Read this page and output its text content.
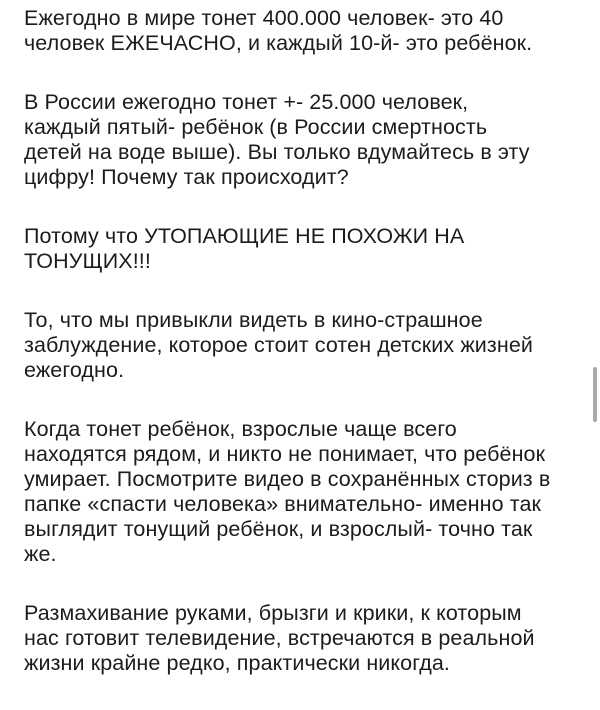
Ежегодно в мире тонет 400.000 человек- это 40
человек ЕЖЕЧАСНО, и каждый 10-й- это ребёнок.

В России ежегодно тонет +- 25.000 человек,
каждый пятый- ребёнок (в России смертность
детей на воде выше). Вы только вдумайтесь в эту
цифру! Почему так происходит?

Потому что УТОПАЮЩИЕ НЕ ПОХОЖИ НА
ТОНУЩИХ!!!

То, что мы привыкли видеть в кино-страшное
заблуждение, которое стоит сотен детских жизней
ежегодно.

Когда тонет ребёнок, взрослые чаще всего
находятся рядом, и никто не понимает, что ребёнок
умирает. Посмотрите видео в сохранённых сториз в
папке «спасти человека» внимательно- именно так
выглядит тонущий ребёнок, и взрослый- точно так
же.

Размахивание руками, брызги и крики, к которым
нас готовит телевидение, встречаются в реальной
жизни крайне редко, практически никогда.
